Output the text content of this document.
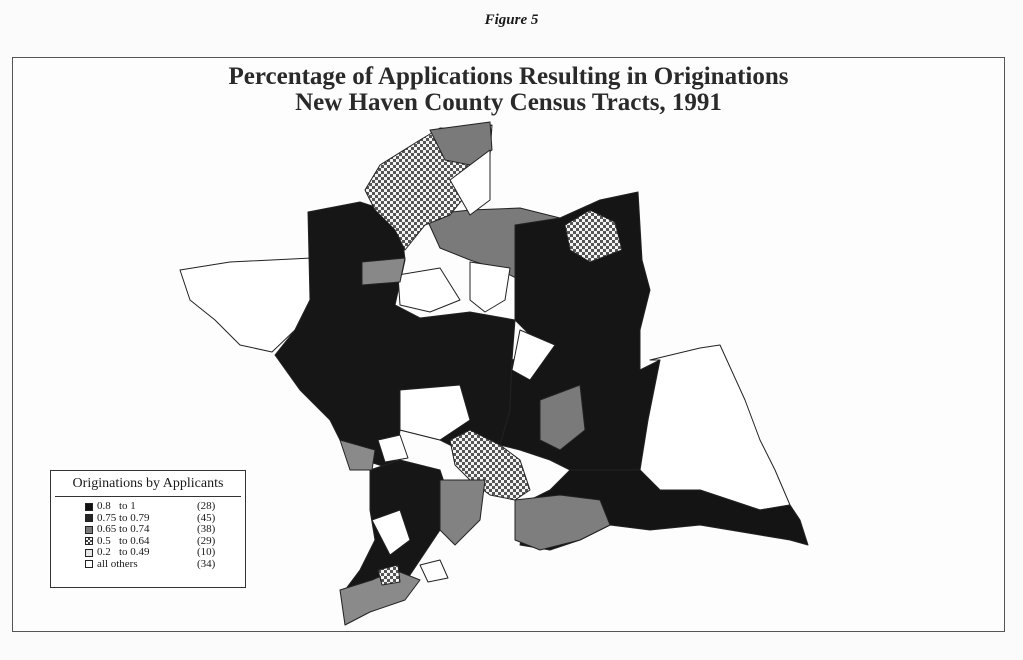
Figure 5
Percentage of Applications Resulting in Originations
New Haven County Census Tracts, 1991
Originations by Applicants
0.8   to 1	(28)
0.75 to 0.79	(45)
0.65 to 0.74	(38)
0.5   to 0.64	(29)
0.2   to 0.49	(10)
all others	(34)
